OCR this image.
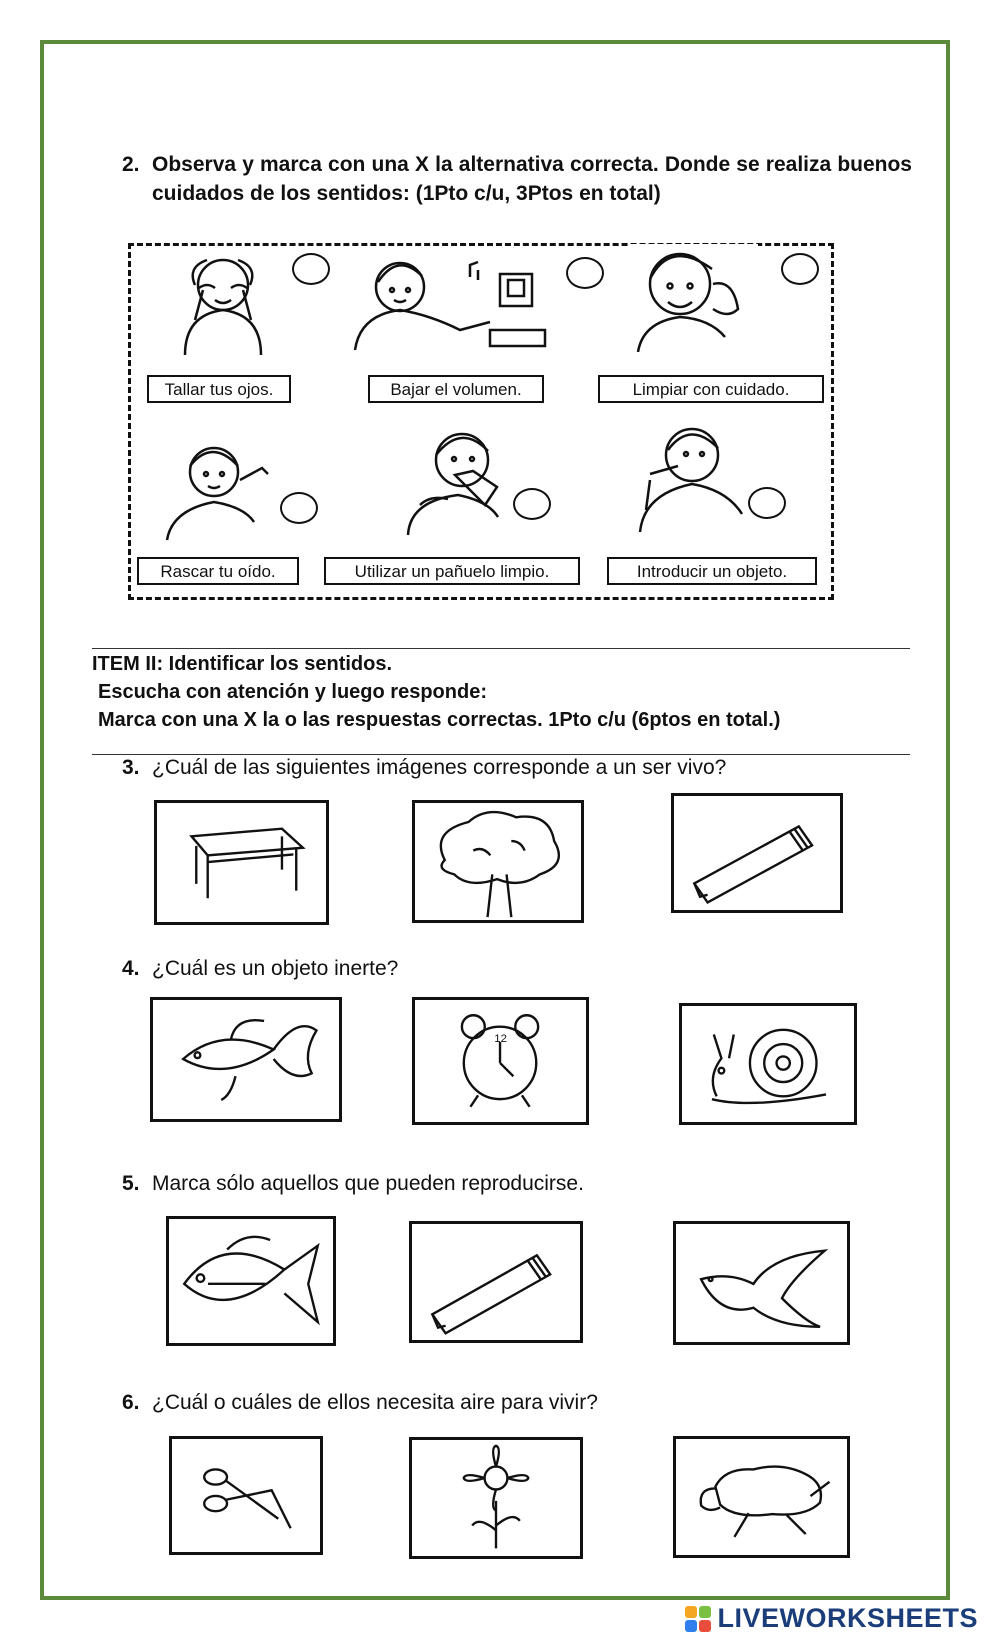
2. Observa y marca con una X la alternativa correcta. Donde se realiza buenos cuidados de los sentidos: (1Pto c/u, 3Ptos en total)
Tallar tus ojos.	Bajar el volumen.	Limpiar con cuidado.
Rascar tu oído.	Utilizar un pañuelo limpio.	Introducir un objeto.
ITEM II: Identificar los sentidos.
Escucha con atención y luego responde:
Marca con una X la o las respuestas correctas. 1Pto c/u (6ptos en total.)
3. ¿Cuál de las siguientes imágenes corresponde a un ser vivo?
4. ¿Cuál es un objeto inerte?
12
5. Marca sólo aquellos que pueden reproducirse.
6. ¿Cuál o cuáles de ellos necesita aire para vivir?
LIVEWORKSHEETS
